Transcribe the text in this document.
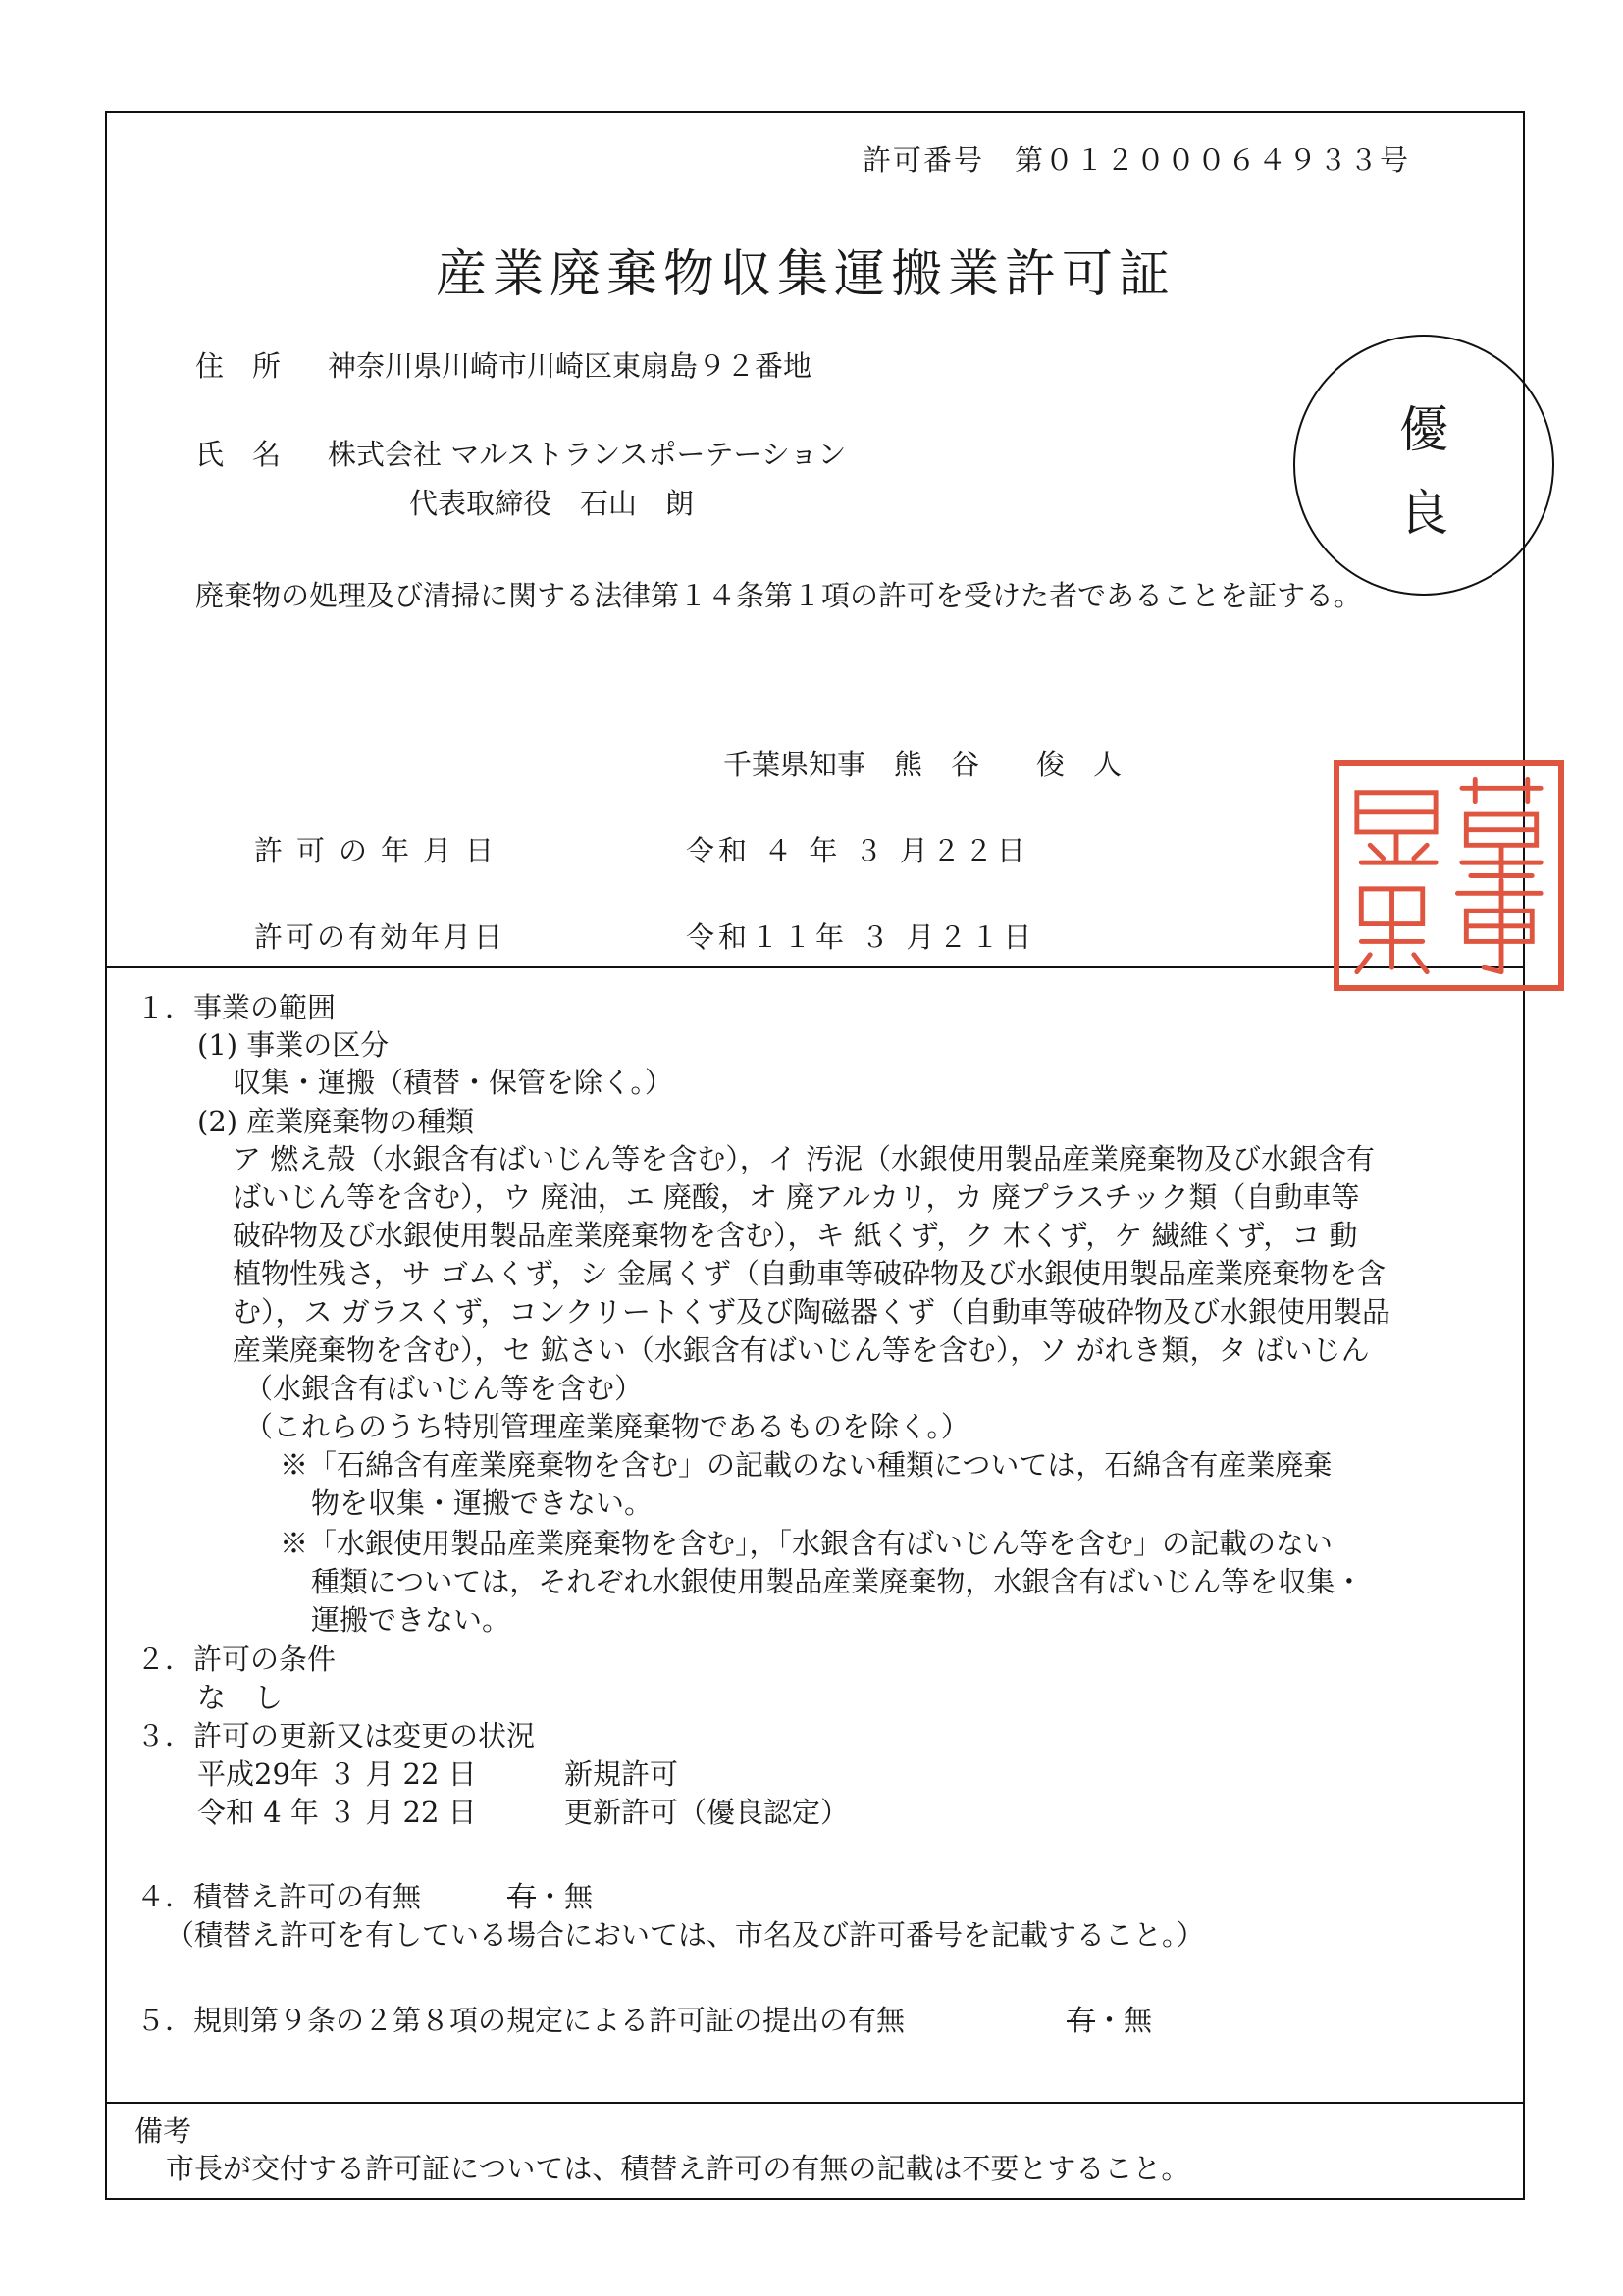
許可番号　第０１２０００６４９３３号
産業廃棄物収集運搬業許可証
住　所 神奈川県川崎市川崎区東扇島９２番地
氏　名 株式会社 マルストランスポーテーション
代表取締役　石山　朗
優
良
廃棄物の処理及び清掃に関する法律第１４条第１項の許可を受けた者であることを証する。
千葉県知事　熊　谷　　俊　人
許可の年月日	令和 ４ 年 ３ 月２２日
許可の有効年月日	令和１１年 ３ 月２１日
１．事業の範囲
(1) 事業の区分
収集・運搬（積替・保管を除く。）
(2) 産業廃棄物の種類
ア 燃え殻（水銀含有ばいじん等を含む），イ 汚泥（水銀使用製品産業廃棄物及び水銀含有
ばいじん等を含む），ウ 廃油，エ 廃酸，オ 廃アルカリ，カ 廃プラスチック類（自動車等
破砕物及び水銀使用製品産業廃棄物を含む），キ 紙くず，ク 木くず，ケ 繊維くず，コ 動
植物性残さ，サ ゴムくず，シ 金属くず（自動車等破砕物及び水銀使用製品産業廃棄物を含
む），ス ガラスくず，コンクリートくず及び陶磁器くず（自動車等破砕物及び水銀使用製品
産業廃棄物を含む），セ 鉱さい（水銀含有ばいじん等を含む），ソ がれき類，タ ばいじん
（水銀含有ばいじん等を含む）
（これらのうち特別管理産業廃棄物であるものを除く。）
※「石綿含有産業廃棄物を含む」の記載のない種類については，石綿含有産業廃棄
物を収集・運搬できない。
※「水銀使用製品産業廃棄物を含む」，「水銀含有ばいじん等を含む」の記載のない
種類については，それぞれ水銀使用製品産業廃棄物，水銀含有ばいじん等を収集・
運搬できない。
２．許可の条件
な　し
３．許可の更新又は変更の状況
平成29年 ３ 月 22 日	新規許可
令和 4 年 ３ 月 22 日	更新許可（優良認定）
４．積替え許可の有無	有・無
（積替え許可を有している場合においては、市名及び許可番号を記載すること。）
５．規則第９条の２第８項の規定による許可証の提出の有無	有・無
備考
市長が交付する許可証については、積替え許可の有無の記載は不要とすること。
